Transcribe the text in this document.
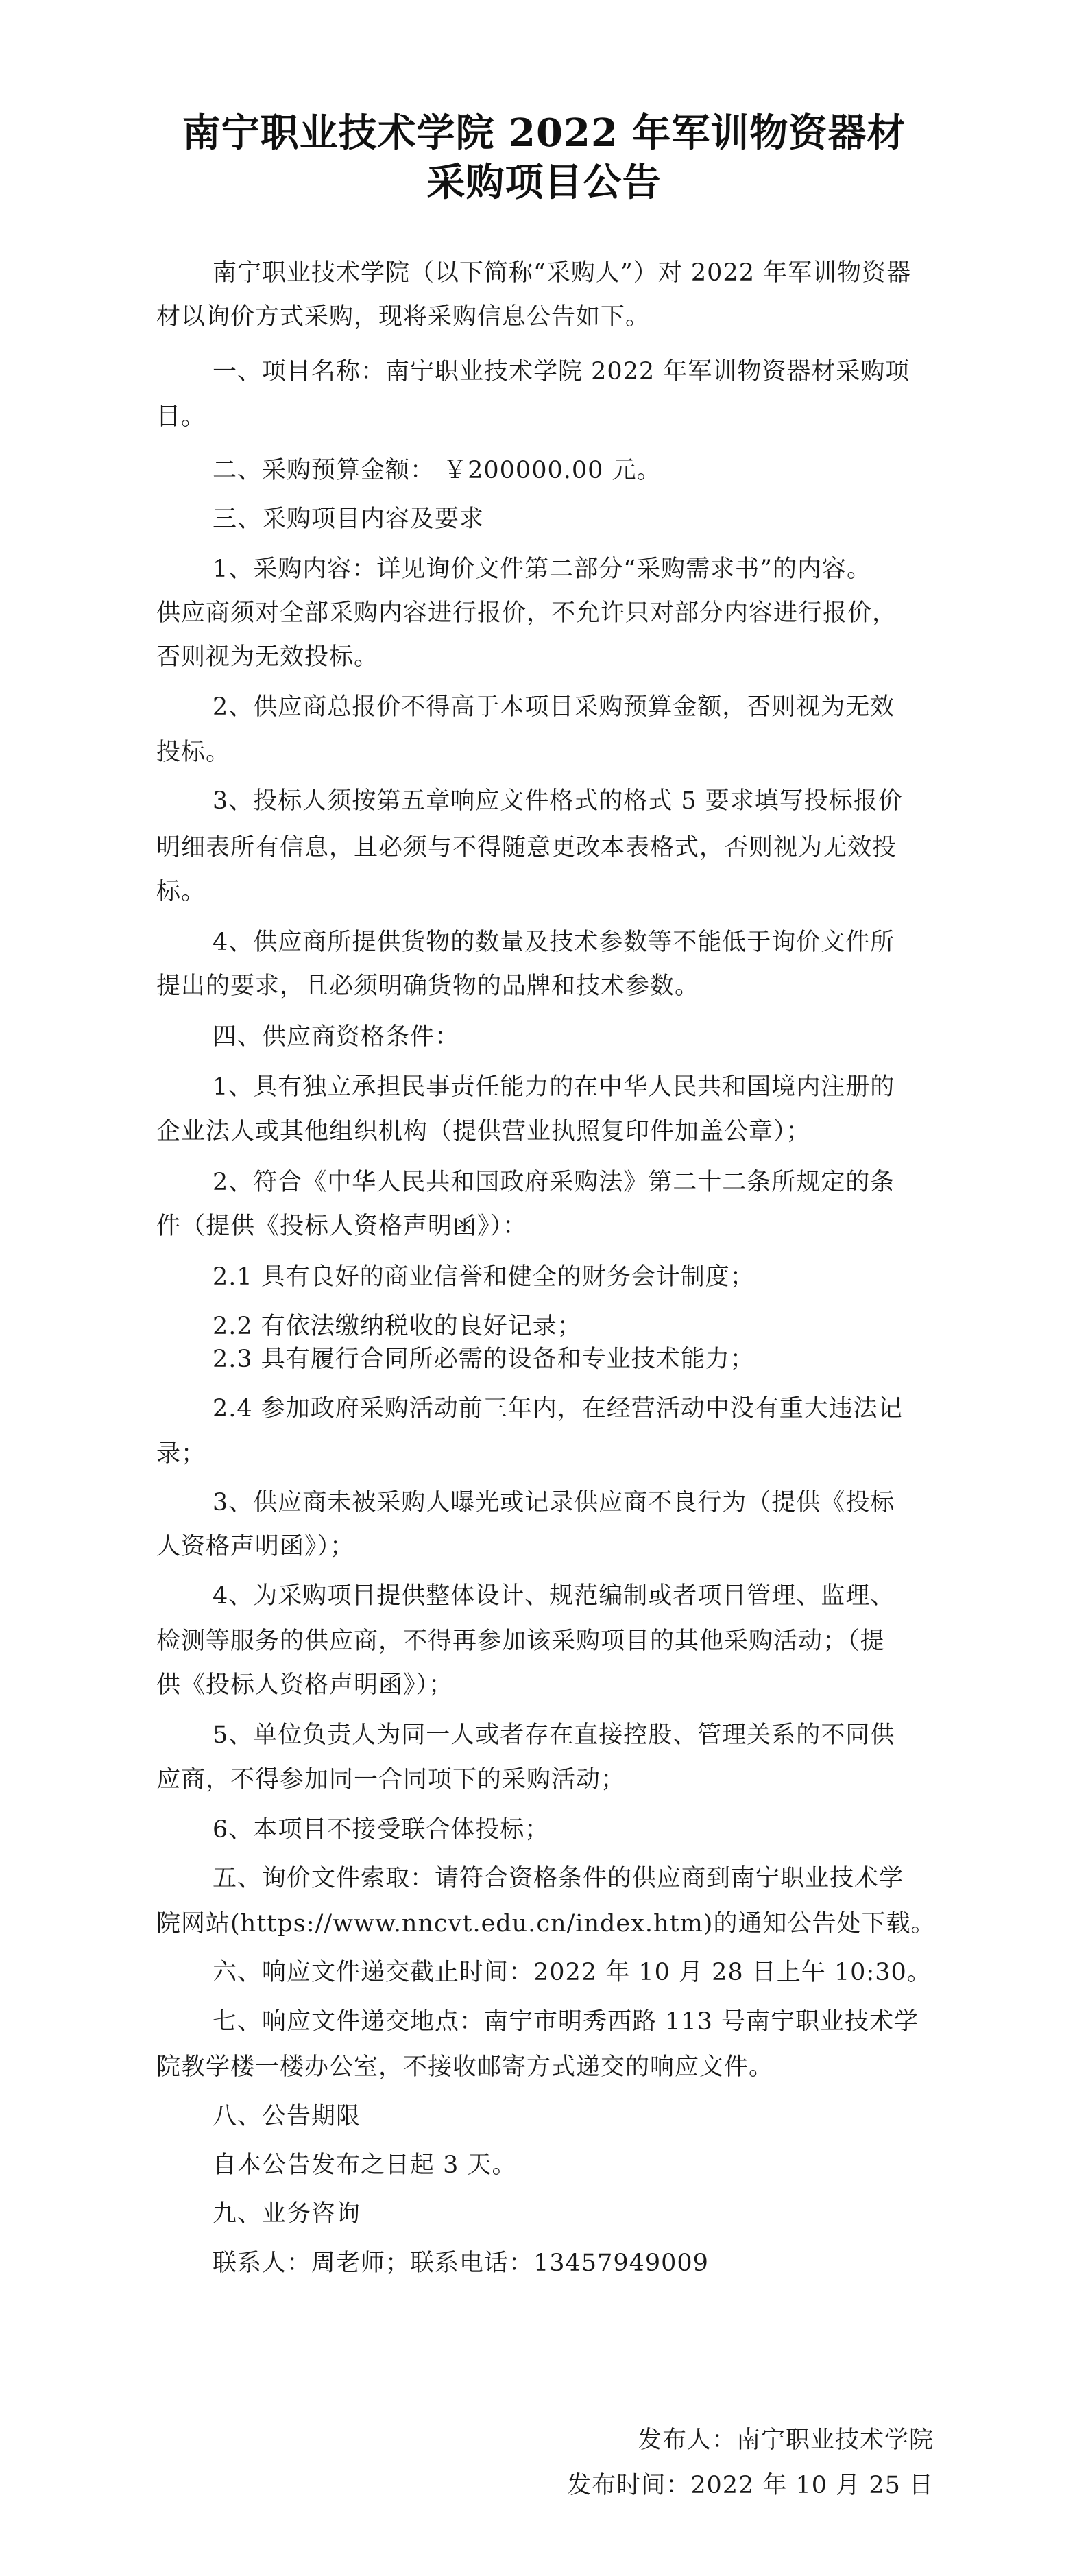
南宁职业技术学院 2022 年军训物资器材
采购项目公告
南宁职业技术学院（以下简称“采购人”）对 2022 年军训物资器
材以询价方式采购，现将采购信息公告如下。
一、项目名称：南宁职业技术学院 2022 年军训物资器材采购项
目。
二、采购预算金额： ￥200000.00 元。
三、采购项目内容及要求
1、采购内容：详见询价文件第二部分“采购需求书”的内容。
供应商须对全部采购内容进行报价，不允许只对部分内容进行报价，
否则视为无效投标。
2、供应商总报价不得高于本项目采购预算金额，否则视为无效
投标。
3、投标人须按第五章响应文件格式的格式 5 要求填写投标报价
明细表所有信息，且必须与不得随意更改本表格式，否则视为无效投
标。
4、供应商所提供货物的数量及技术参数等不能低于询价文件所
提出的要求，且必须明确货物的品牌和技术参数。
四、供应商资格条件：
1、具有独立承担民事责任能力的在中华人民共和国境内注册的
企业法人或其他组织机构（提供营业执照复印件加盖公章）；
2、符合《中华人民共和国政府采购法》第二十二条所规定的条
件（提供《投标人资格声明函》）：
2.1 具有良好的商业信誉和健全的财务会计制度；
2.2 有依法缴纳税收的良好记录；
2.3 具有履行合同所必需的设备和专业技术能力；
2.4 参加政府采购活动前三年内，在经营活动中没有重大违法记
录；
3、供应商未被采购人曝光或记录供应商不良行为（提供《投标
人资格声明函》）；
4、为采购项目提供整体设计、规范编制或者项目管理、监理、
检测等服务的供应商，不得再参加该采购项目的其他采购活动；（提
供《投标人资格声明函》）；
5、单位负责人为同一人或者存在直接控股、管理关系的不同供
应商，不得参加同一合同项下的采购活动；
6、本项目不接受联合体投标；
五、询价文件索取：请符合资格条件的供应商到南宁职业技术学
院网站(https://www.nncvt.edu.cn/index.htm)的通知公告处下载。
六、响应文件递交截止时间：2022 年 10 月 28 日上午 10:30。
七、响应文件递交地点：南宁市明秀西路 113 号南宁职业技术学
院教学楼一楼办公室，不接收邮寄方式递交的响应文件。
八、公告期限
自本公告发布之日起 3 天。
九、业务咨询
联系人：周老师；联系电话：13457949009
发布人：南宁职业技术学院
发布时间：2022 年 10 月 25 日
